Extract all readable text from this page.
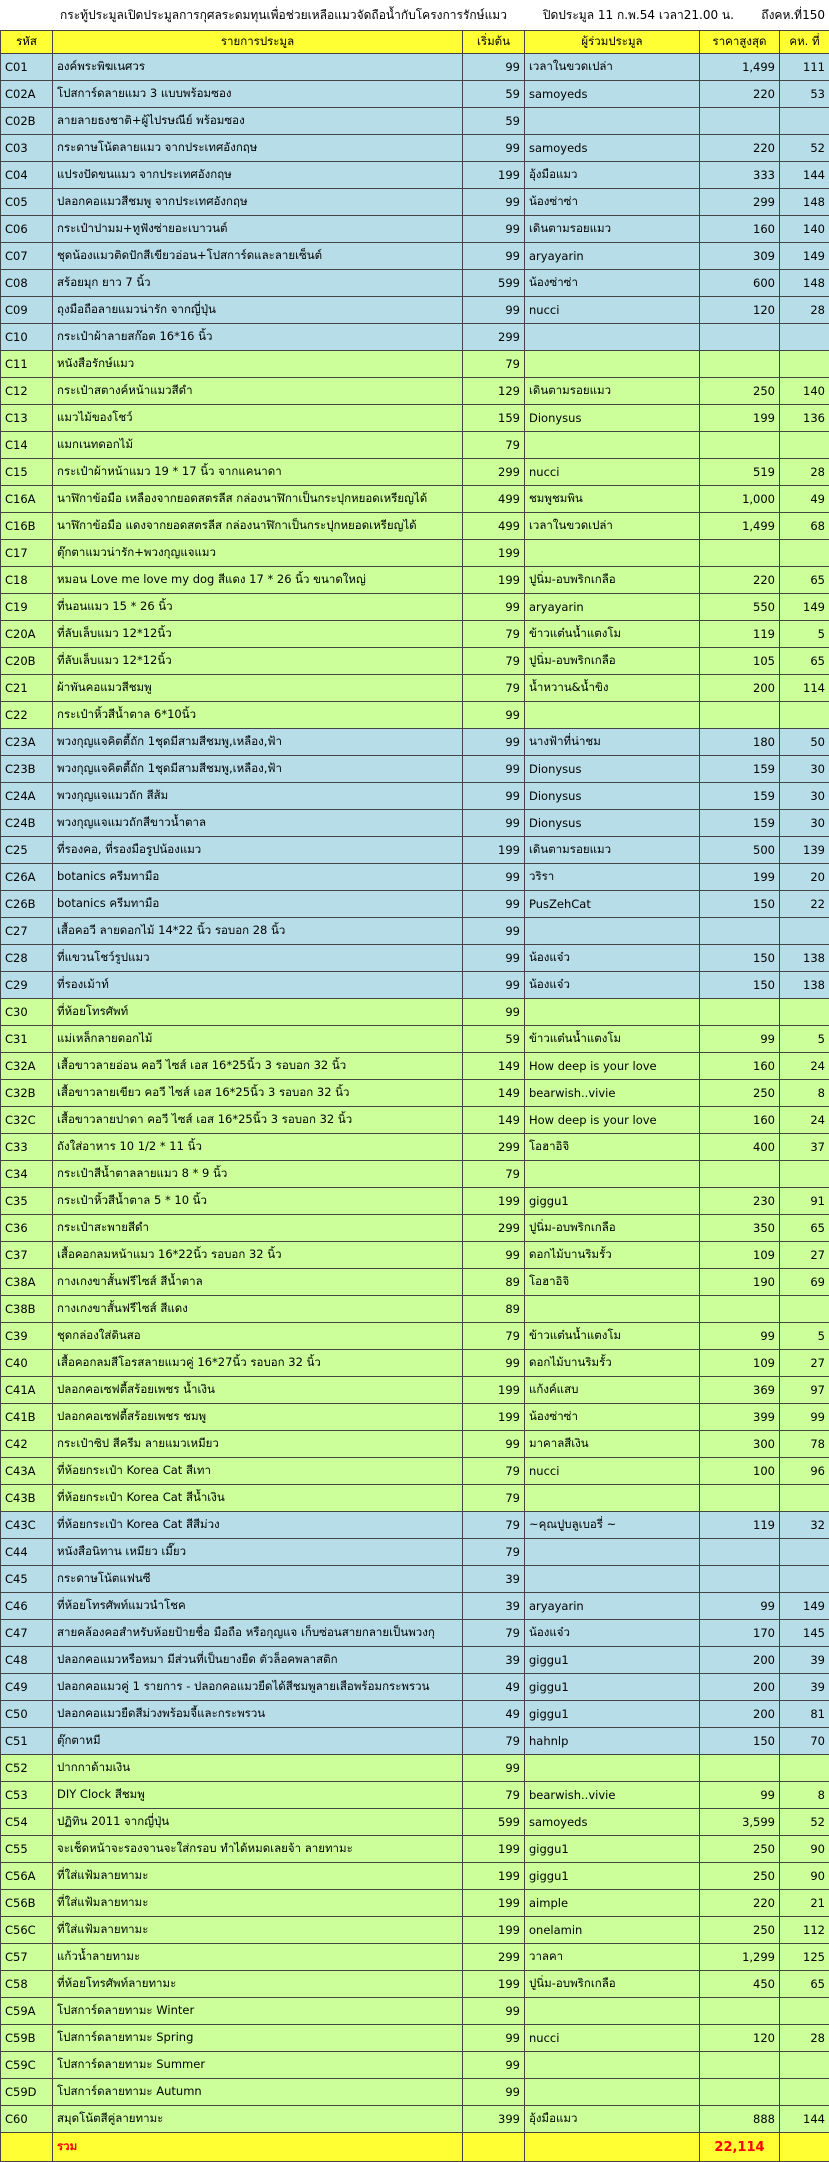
กระทู้ประมูลเปิดประมูลการกุศลระดมทุนเพื่อช่วยเหลือแมวจัดถือน้ำกับโครงการรักษ์แมว	ปิดประมูล 11 ก.พ.54 เวลา21.00 น.	ถึงคห.ที่150
รหัส	รายการประมูล	เริ่มต้น	ผู้ร่วมประมูล	ราคาสูงสุด	คห. ที่
C01	องค์พระพิฆเนศวร	99	เวลาในขวดเปล่า	1,499	111
C02A	โปสการ์ดลายแมว 3 แบบพร้อมซอง	59	samoyeds	220	53
C02B	ลายลายธงชาติ+ผู้ไปรษณีย์ พร้อมซอง	59			
C03	กระดาษโน้ตลายแมว จากประเทศอังกฤษ	99	samoyeds	220	52
C04	แปรงปัดขนแมว จากประเทศอังกฤษ	199	อุ้งมือแมว	333	144
C05	ปลอกคอแมวสีชมพู จากประเทศอังกฤษ	99	น้องซ่าซ่า	299	148
C06	กระเป๋าปามม+ทูฟังซ่ายอะเบาวนต์	99	เดินตามรอยแมว	160	140
C07	ชุดน้องแมวติดปักสีเขียวอ่อน+โปสการ์ดและลายเซ็นต์	99	aryayarin	309	149
C08	สร้อยมุก ยาว 7 นิ้ว	599	น้องซ่าซ่า	600	148
C09	ถุงมือถือลายแมวน่ารัก จากญี่ปุ่น	99	nucci	120	28
C10	กระเป๋าผ้าลายสก๊อต 16*16 นิ้ว	299			
C11	หนังสือรักษ์แมว	79			
C12	กระเป๋าสตางค์หน้าแมวสีดำ	129	เดินตามรอยแมว	250	140
C13	แมวไม้ของโชว์	159	Dionysus	199	136
C14	แมกเนทดอกไม้	79			
C15	กระเป๋าผ้าหน้าแมว 19 * 17 นิ้ว จากแคนาดา	299	nucci	519	28
C16A	นาฬิกาข้อมือ เหลืองจากยอดสตรลีส กล่องนาฬิกาเป็นกระปุกหยอดเหรียญได้	499	ชมพูชมพิน	1,000	49
C16B	นาฬิกาข้อมือ แดงจากยอดสตรลีส กล่องนาฬิกาเป็นกระปุกหยอดเหรียญได้	499	เวลาในขวดเปล่า	1,499	68
C17	ตุ๊กตาแมวน่ารัก+พวงกุญแจแมว	199			
C18	หมอน Love me love my dog สีแดง 17 * 26 นิ้ว ขนาดใหญ่	199	ปูนิ่ม-อบพริกเกลือ	220	65
C19	ที่นอนแมว 15 * 26 นิ้ว	99	aryayarin	550	149
C20A	ที่ลับเล็บแมว 12*12นิ้ว	79	ข้าวแต๋นน้ำแตงโม	119	5
C20B	ที่ลับเล็บแมว 12*12นิ้ว	79	ปูนิ่ม-อบพริกเกลือ	105	65
C21	ผ้าพันคอแมวสีชมพู	79	น้ำหวาน&น้ำขิง	200	114
C22	กระเป๋าหิ้วสีน้ำตาล 6*10นิ้ว	99			
C23A	พวงกุญแจคิตตี้ถัก 1ชุดมีสามสีชมพู,เหลือง,ฟ้า	99	นางฟ้าที่น่าชม	180	50
C23B	พวงกุญแจคิตตี้ถัก 1ชุดมีสามสีชมพู,เหลือง,ฟ้า	99	Dionysus	159	30
C24A	พวงกุญแจแมวถัก สีส้ม	99	Dionysus	159	30
C24B	พวงกุญแจแมวถักสีขาวน้ำตาล	99	Dionysus	159	30
C25	ที่รองคอ, ที่รองมือรูปน้องแมว	199	เดินตามรอยแมว	500	139
C26A	botanics ครีมทามือ	99	วริรา	199	20
C26B	botanics ครีมทามือ	99	PusZehCat	150	22
C27	เสื้อคอวี ลายดอกไม้ 14*22 นิ้ว รอบอก 28 นิ้ว	99			
C28	ที่แขวนโชว์รูปแมว	99	น้องแจ๋ว	150	138
C29	ที่รองเม้าท์	99	น้องแจ๋ว	150	138
C30	ที่ห้อยโทรศัพท์	99			
C31	แม่เหล็กลายดอกไม้	59	ข้าวแต๋นน้ำแตงโม	99	5
C32A	เสื้อขาวลายอ่อน คอวี ไซส์ เอส 16*25นิ้ว 3 รอบอก 32 นิ้ว	149	How deep is your love	160	24
C32B	เสื้อขาวลายเขียว คอวี ไซส์ เอส 16*25นิ้ว 3 รอบอก 32 นิ้ว	149	bearwish..vivie	250	8
C32C	เสื้อขาวลายปาดา คอวี ไซส์ เอส 16*25นิ้ว 3 รอบอก 32 นิ้ว	149	How deep is your love	160	24
C33	ถังใส่อาหาร 10 1/2 * 11 นิ้ว	299	โอฮาอิจิ	400	37
C34	กระเป๋าสีน้ำตาลลายแมว 8 * 9 นิ้ว	79			
C35	กระเป๋าหิ้วสีน้ำตาล 5 * 10 นิ้ว	199	giggu1	230	91
C36	กระเป๋าสะพายสีดำ	299	ปูนิ่ม-อบพริกเกลือ	350	65
C37	เสื้อคอกลมหน้าแมว 16*22นิ้ว รอบอก 32 นิ้ว	99	ดอกไม้บานริมรั้ว	109	27
C38A	กางเกงขาสั้นฟรีไซส์ สีน้ำตาล	89	โอฮาอิจิ	190	69
C38B	กางเกงขาสั้นฟรีไซส์ สีแดง	89			
C39	ชุดกล่องใส่ดินสอ	79	ข้าวแต๋นน้ำแตงโม	99	5
C40	เสื้อคอกลมสีโอรสลายแมวคู่ 16*27นิ้ว รอบอก 32 นิ้ว	99	ดอกไม้บานริมรั้ว	109	27
C41A	ปลอกคอเซฟตี้สร้อยเพชร น้ำเงิน	199	แก้งค์แสบ	369	97
C41B	ปลอกคอเซฟตี้สร้อยเพชร ชมพู	199	น้องซ่าซ่า	399	99
C42	กระเป๋าซิป สีครีม ลายแมวเหมียว	99	มาคาลสีเงิน	300	78
C43A	ที่ห้อยกระเป๋า Korea Cat สีเทา	79	nucci	100	96
C43B	ที่ห้อยกระเป๋า Korea Cat สีน้ำเงิน	79			
C43C	ที่ห้อยกระเป๋า Korea Cat สีสีม่วง	79	~คุณปูบลูเบอรี่ ~	119	32
C44	หนังสือนิทาน เหมียว เมี๊ยว	79			
C45	กระดาษโน้ตแฟนซี	39			
C46	ที่ห้อยโทรศัพท์แมวนำโชค	39	aryayarin	99	149
C47	สายคล้องคอสำหรับห้อยป้ายชื่อ มือถือ หรือกุญแจ เก็บซ่อนสายกลายเป็นพวงกุ	79	น้องแจ๋ว	170	145
C48	ปลอกคอแมวหรือหมา มีส่วนที่เป็นยางยืด ตัวล็อคพลาสติก	39	giggu1	200	39
C49	ปลอกคอแมวคู่ 1 รายการ - ปลอกคอแมวยืดได้สีชมพูลายเสือพร้อมกระพรวน	49	giggu1	200	39
C50	ปลอกคอแมวยืดสีม่วงพร้อมจี้และกระพรวน	49	giggu1	200	81
C51	ตุ๊กตาหมี	79	hahnlp	150	70
C52	ปากกาด้ามเงิน	99			
C53	DIY Clock สีชมพู	79	bearwish..vivie	99	8
C54	ปฏิทิน 2011 จากญี่ปุ่น	599	samoyeds	3,599	52
C55	จะเช็ดหน้าจะรองจานจะใส่กรอบ ทำได้หมดเลยจ้า ลายทามะ	199	giggu1	250	90
C56A	ที่ใส่แฟ้มลายทามะ	199	giggu1	250	90
C56B	ที่ใส่แฟ้มลายทามะ	199	aimple	220	21
C56C	ที่ใส่แฟ้มลายทามะ	199	onelamin	250	112
C57	แก้วน้ำลายทามะ	299	วาลคา	1,299	125
C58	ที่ห้อยโทรศัพท์ลายทามะ	199	ปูนิ่ม-อบพริกเกลือ	450	65
C59A	โปสการ์ดลายทามะ Winter	99			
C59B	โปสการ์ดลายทามะ Spring	99	nucci	120	28
C59C	โปสการ์ดลายทามะ Summer	99			
C59D	โปสการ์ดลายทามะ Autumn	99			
C60	สมุดโน้ตสีคู่ลายทามะ	399	อุ้งมือแมว	888	144
	รวม			22,114	
